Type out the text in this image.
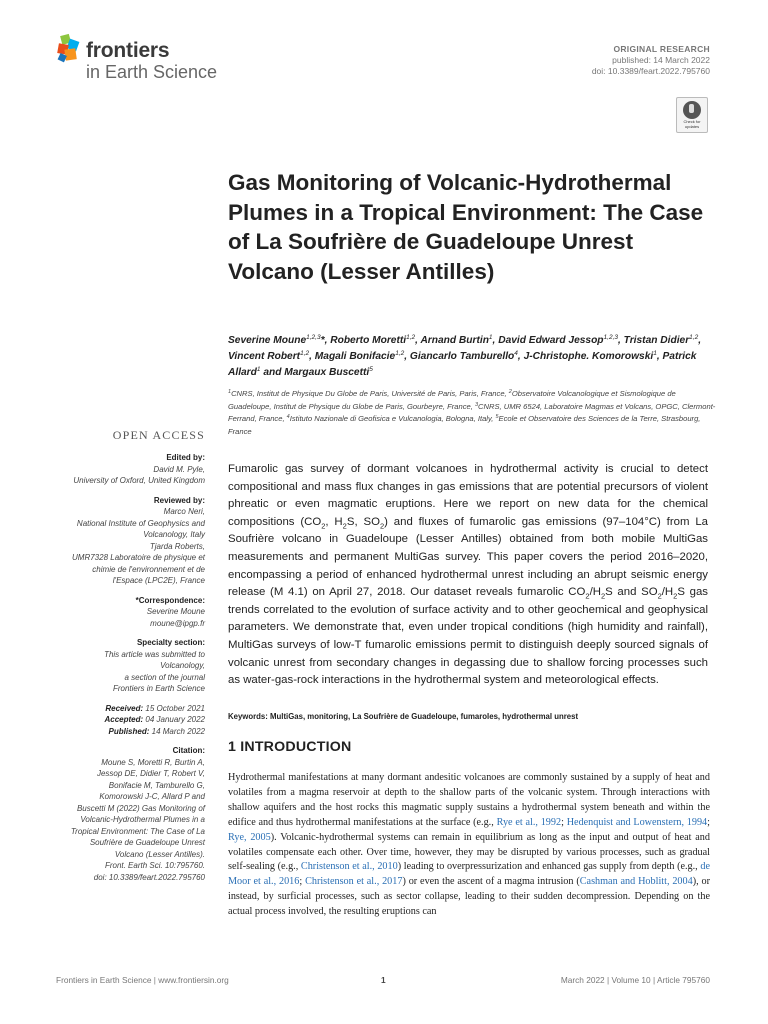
frontiers
in Earth Science
ORIGINAL RESEARCH
published: 14 March 2022
doi: 10.3389/feart.2022.795760
Check for
updates
Gas Monitoring of Volcanic-Hydrothermal Plumes in a Tropical Environment: The Case of La Soufrière de Guadeloupe Unrest Volcano (Lesser Antilles)
Severine Moune$^{1,2,3}$*, Roberto Moretti$^{1,2}$, Arnand Burtin$^1$, David Edward Jessop$^{1,2,3}$, Tristan Didier$^{1,2}$, Vincent Robert$^{1,2}$, Magali Bonifacie$^{1,2}$, Giancarlo Tamburello$^4$, J-Christophe. Komorowski$^1$, Patrick Allard$^1$ and Margaux Buscetti$^5$
$^1$CNRS, Institut de Physique Du Globe de Paris, Université de Paris, Paris, France, $^2$Observatoire Volcanologique et Sismologique de Guadeloupe, Institut de Physique du Globe de Paris, Gourbeyre, France, $^3$CNRS, UMR 6524, Laboratoire Magmas et Volcans, OPGC, Clermont-Ferrand, France, $^4$Istituto Nazionale di Geofisica e Vulcanologia, Bologna, Italy, $^5$Ecole et Observatoire des Sciences de la Terre, Strasbourg, France
OPEN ACCESS
Edited by:
David M. Pyle,
University of Oxford, United Kingdom
Reviewed by:
Marco Neri,
National Institute of Geophysics and
Volcanology, Italy
Tjarda Roberts,
UMR7328 Laboratoire de physique et
chimie de l'environnement et de
l'Espace (LPC2E), France
*Correspondence:
Severine Moune
moune@ipgp.fr
Specialty section:
This article was submitted to
Volcanology,
a section of the journal
Frontiers in Earth Science
Received: 15 October 2021
Accepted: 04 January 2022
Published: 14 March 2022
Citation:
Moune S, Moretti R, Burtin A,
Jessop DE, Didier T, Robert V,
Bonifacie M, Tamburello G,
Komorowski J-C, Allard P and
Buscetti M (2022) Gas Monitoring of
Volcanic-Hydrothermal Plumes in a
Tropical Environment: The Case of La
Soufrière de Guadeloupe Unrest
Volcano (Lesser Antilles).
Front. Earth Sci. 10:795760.
doi: 10.3389/feart.2022.795760

Fumarolic gas survey of dormant volcanoes in hydrothermal activity is crucial to detect compositional and mass flux changes in gas emissions that are potential precursors of violent phreatic or even magmatic eruptions. Here we report on new data for the chemical compositions ($CO_2$, $H_2S$, $SO_2$) and fluxes of fumarolic gas emissions (97–104°C) from La Soufrière volcano in Guadeloupe (Lesser Antilles) obtained from both mobile MultiGas measurements and permanent MultiGas survey. This paper covers the period 2016–2020, encompassing a period of enhanced hydrothermal unrest including an abrupt seismic energy release (M 4.1) on April 27, 2018. Our dataset reveals fumarolic $CO_2/H_2S$ and $SO_2/H_2S$ gas trends correlated to the evolution of surface activity and to other geochemical and geophysical parameters. We demonstrate that, even under tropical conditions (high humidity and rainfall), MultiGas surveys of low-T fumarolic emissions permit to distinguish deeply sourced signals of volcanic unrest from secondary changes in degassing due to shallow forcing processes such as water-gas-rock interactions in the hydrothermal system and meteorological effects.

Keywords: MultiGas, monitoring, La Soufrière de Guadeloupe, fumaroles, hydrothermal unrest
1 INTRODUCTION

Hydrothermal manifestations at many dormant andesitic volcanoes are commonly sustained by a supply of heat and volatiles from a magma reservoir at depth to the shallow parts of the volcanic system. Through interactions with shallow aquifers and the host rocks this magmatic supply sustains a hydrothermal system beneath and within the edifice and thus hydrothermal manifestations at the surface (e.g., Rye et al., 1992; Hedenquist and Lowenstern, 1994; Rye, 2005). Volcanic-hydrothermal systems can remain in equilibrium as long as the input and output of heat and volatiles compensate each other. Over time, however, they may be disrupted by various processes, such as gradual self-sealing (e.g., Christenson et al., 2010) leading to overpressurization and enhanced gas supply from depth (e.g., de Moor et al., 2016; Christenson et al., 2017) or even the ascent of a magma intrusion (Cashman and Hoblitt, 2004), or instead, by surficial processes, such as sector collapse, leading to their sudden decompression. Depending on the actual process involved, the resulting eruptions can

Frontiers in Earth Science | www.frontiersin.org	1	March 2022 | Volume 10 | Article 795760
